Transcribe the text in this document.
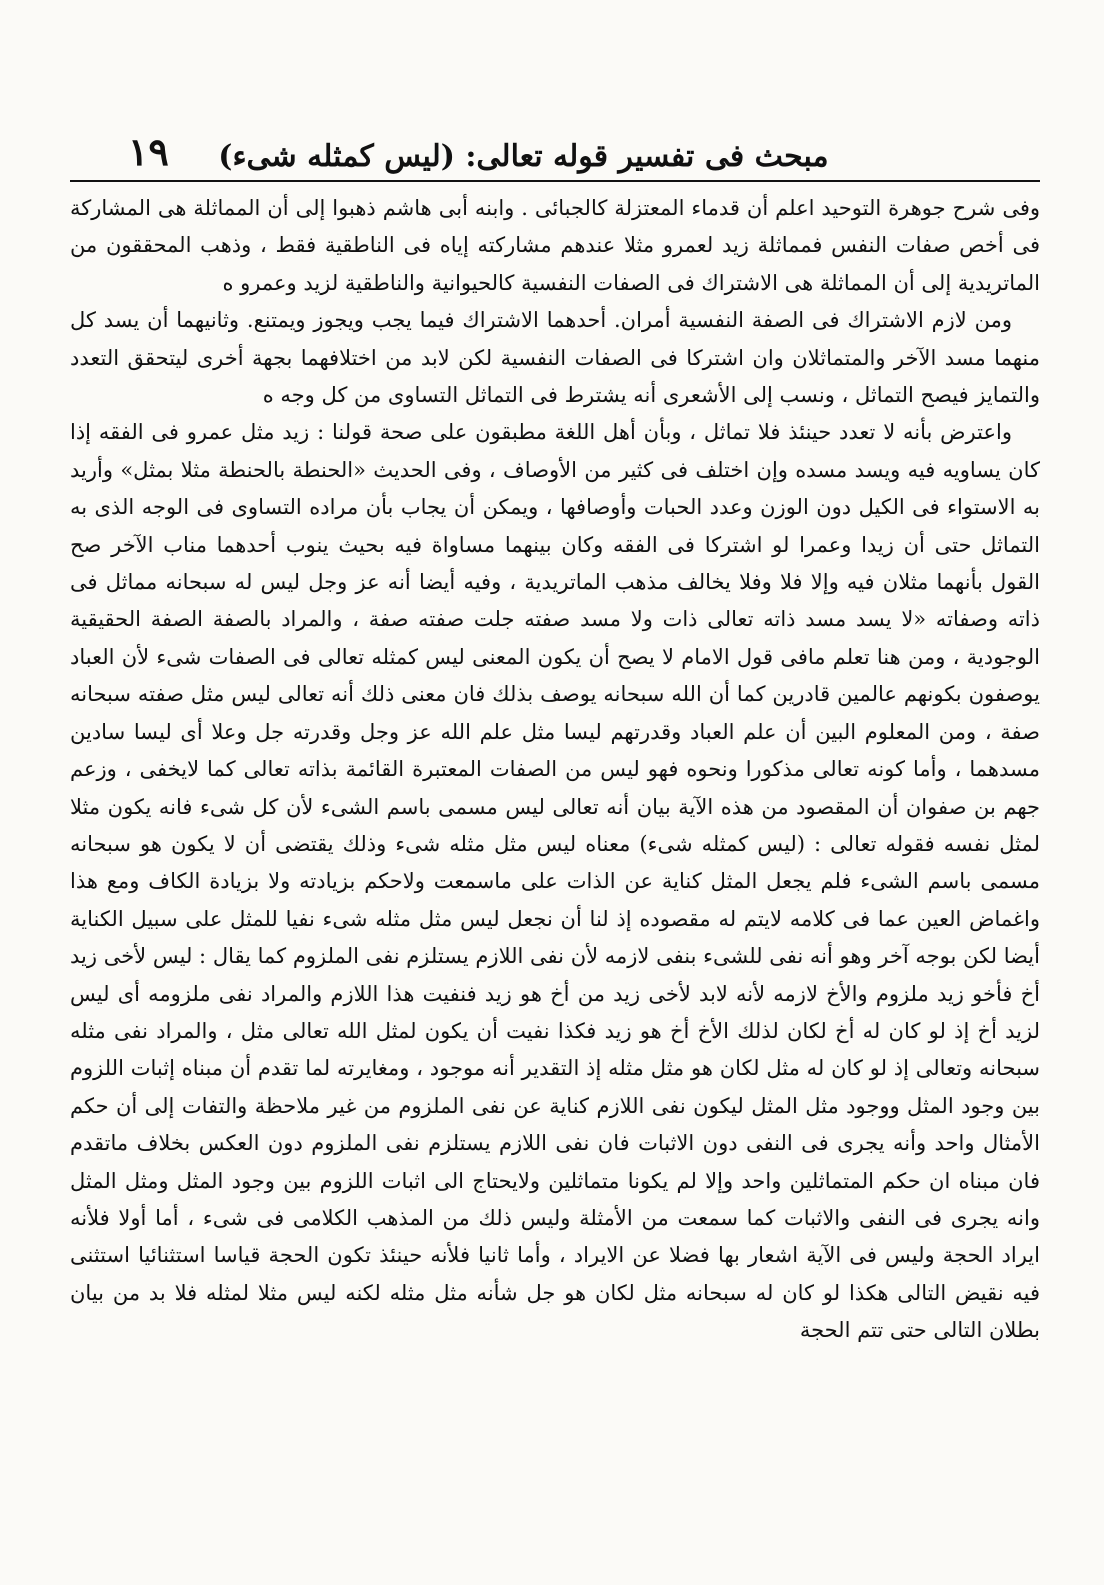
مبحث فى تفسير قوله تعالى: (ليس كمثله شىء)
١٩

وفى شرح جوهرة التوحيد اعلم أن قدماء المعتزلة كالجبائى . وابنه أبى هاشم ذهبوا إلى أن المماثلة هى المشاركة فى أخص صفات النفس فمماثلة زيد لعمرو مثلا عندهم مشاركته إياه فى الناطقية فقط ، وذهب المحققون من الماتريدية إلى أن المماثلة هى الاشتراك فى الصفات النفسية كالحيوانية والناطقية لزيد وعمرو ه

ومن لازم الاشتراك فى الصفة النفسية أمران. أحدهما الاشتراك فيما يجب ويجوز ويمتنع. وثانيهما أن يسد كل منهما مسد الآخر والمتماثلان وان اشتركا فى الصفات النفسية لكن لابد من اختلافهما بجهة أخرى ليتحقق التعدد والتمايز فيصح التماثل ، ونسب إلى الأشعرى أنه يشترط فى التماثل التساوى من كل وجه ه

واعترض بأنه لا تعدد حينئذ فلا تماثل ، وبأن أهل اللغة مطبقون على صحة قولنا : زيد مثل عمرو فى الفقه إذا كان يساويه فيه ويسد مسده وإن اختلف فى كثير من الأوصاف ، وفى الحديث «الحنطة بالحنطة مثلا بمثل» وأريد به الاستواء فى الكيل دون الوزن وعدد الحبات وأوصافها ، ويمكن أن يجاب بأن مراده التساوى فى الوجه الذى به التماثل حتى أن زيدا وعمرا لو اشتركا فى الفقه وكان بينهما مساواة فيه بحيث ينوب أحدهما مناب الآخر صح القول بأنهما مثلان فيه وإلا فلا وفلا يخالف مذهب الماتريدية ، وفيه أيضا أنه عز وجل ليس له سبحانه مماثل فى ذاته وصفاته «لا يسد مسد ذاته تعالى ذات ولا مسد صفته جلت صفته صفة ، والمراد بالصفة الصفة الحقيقية الوجودية ، ومن هنا تعلم مافى قول الامام لا يصح أن يكون المعنى ليس كمثله تعالى فى الصفات شىء لأن العباد يوصفون بكونهم عالمين قادرين كما أن الله سبحانه يوصف بذلك فان معنى ذلك أنه تعالى ليس مثل صفته سبحانه صفة ، ومن المعلوم البين أن علم العباد وقدرتهم ليسا مثل علم الله عز وجل وقدرته جل وعلا أى ليسا سادين مسدهما ، وأما كونه تعالى مذكورا ونحوه فهو ليس من الصفات المعتبرة القائمة بذاته تعالى كما لايخفى ، وزعم جهم بن صفوان أن المقصود من هذه الآية بيان أنه تعالى ليس مسمى باسم الشىء لأن كل شىء فانه يكون مثلا لمثل نفسه فقوله تعالى : (ليس كمثله شىء) معناه ليس مثل مثله شىء وذلك يقتضى أن لا يكون هو سبحانه مسمى باسم الشىء فلم يجعل المثل كناية عن الذات على ماسمعت ولاحكم بزيادته ولا بزيادة الكاف ومع هذا واغماض العين عما فى كلامه لايتم له مقصوده إذ لنا أن نجعل ليس مثل مثله شىء نفيا للمثل على سبيل الكناية أيضا لكن بوجه آخر وهو أنه نفى للشىء بنفى لازمه لأن نفى اللازم يستلزم نفى الملزوم كما يقال : ليس لأخى زيد أخ فأخو زيد ملزوم والأخ لازمه لأنه لابد لأخى زيد من أخ هو زيد فنفيت هذا اللازم والمراد نفى ملزومه أى ليس لزيد أخ إذ لو كان له أخ لكان لذلك الأخ أخ هو زيد فكذا نفيت أن يكون لمثل الله تعالى مثل ، والمراد نفى مثله سبحانه وتعالى إذ لو كان له مثل لكان هو مثل مثله إذ التقدير أنه موجود ، ومغايرته لما تقدم أن مبناه إثبات اللزوم بين وجود المثل ووجود مثل المثل ليكون نفى اللازم كناية عن نفى الملزوم من غير ملاحظة والتفات إلى أن حكم الأمثال واحد وأنه يجرى فى النفى دون الاثبات فان نفى اللازم يستلزم نفى الملزوم دون العكس بخلاف ماتقدم فان مبناه ان حكم المتماثلين واحد وإلا لم يكونا متماثلين ولايحتاج الى اثبات اللزوم بين وجود المثل ومثل المثل وانه يجرى فى النفى والاثبات كما سمعت من الأمثلة وليس ذلك من المذهب الكلامى فى شىء ، أما أولا فلأنه ايراد الحجة وليس فى الآية اشعار بها فضلا عن الايراد ، وأما ثانيا فلأنه حينئذ تكون الحجة قياسا استثنائيا استثنى فيه نقيض التالى هكذا لو كان له سبحانه مثل لكان هو جل شأنه مثل مثله لكنه ليس مثلا لمثله فلا بد من بيان بطلان التالى حتى تتم الحجة
